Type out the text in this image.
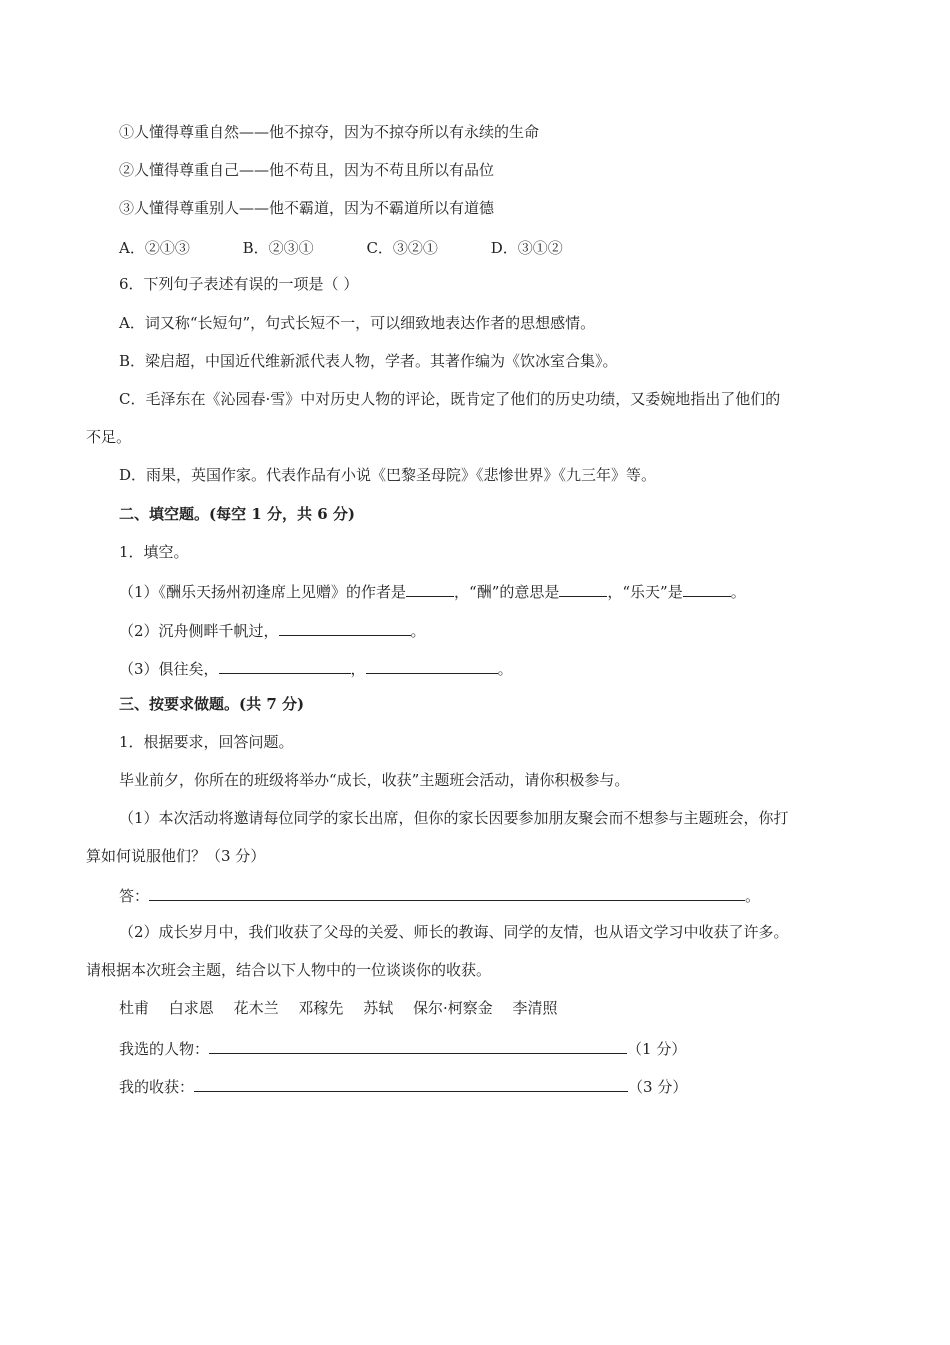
①人懂得尊重自然——他不掠夺，因为不掠夺所以有永续的生命
②人懂得尊重自己——他不苟且，因为不苟且所以有品位
③人懂得尊重别人——他不霸道，因为不霸道所以有道德
A．②①③	B．②③①	C．③②①	D．③①②
6．下列句子表述有误的一项是（ ）
A．词又称“长短句”，句式长短不一，可以细致地表达作者的思想感情。
B．梁启超，中国近代维新派代表人物，学者。其著作编为《饮冰室合集》。
C．毛泽东在《沁园春·雪》中对历史人物的评论，既肯定了他们的历史功绩，又委婉地指出了他们的
不足。
D．雨果，英国作家。代表作品有小说《巴黎圣母院》《悲惨世界》《九三年》等。
二、填空题。(每空 1 分，共 6 分)
1．填空。
（1）《酬乐天扬州初逢席上见赠》的作者是	，“酬”的意思是	，“乐天”是	。
（2）沉舟侧畔千帆过，	。
（3）俱往矣，	，	。
三、按要求做题。(共 7 分)
1．根据要求，回答问题。
毕业前夕，你所在的班级将举办“成长，收获”主题班会活动，请你积极参与。
（1）本次活动将邀请每位同学的家长出席，但你的家长因要参加朋友聚会而不想参与主题班会，你打
算如何说服他们？（3 分）
答：	。
（2）成长岁月中，我们收获了父母的关爱、师长的教诲、同学的友情，也从语文学习中收获了许多。
请根据本次班会主题，结合以下人物中的一位谈谈你的收获。
杜甫 白求恩 花木兰 邓稼先 苏轼 保尔·柯察金 李清照
我选的人物：	（1 分）
我的收获：	（3 分）
